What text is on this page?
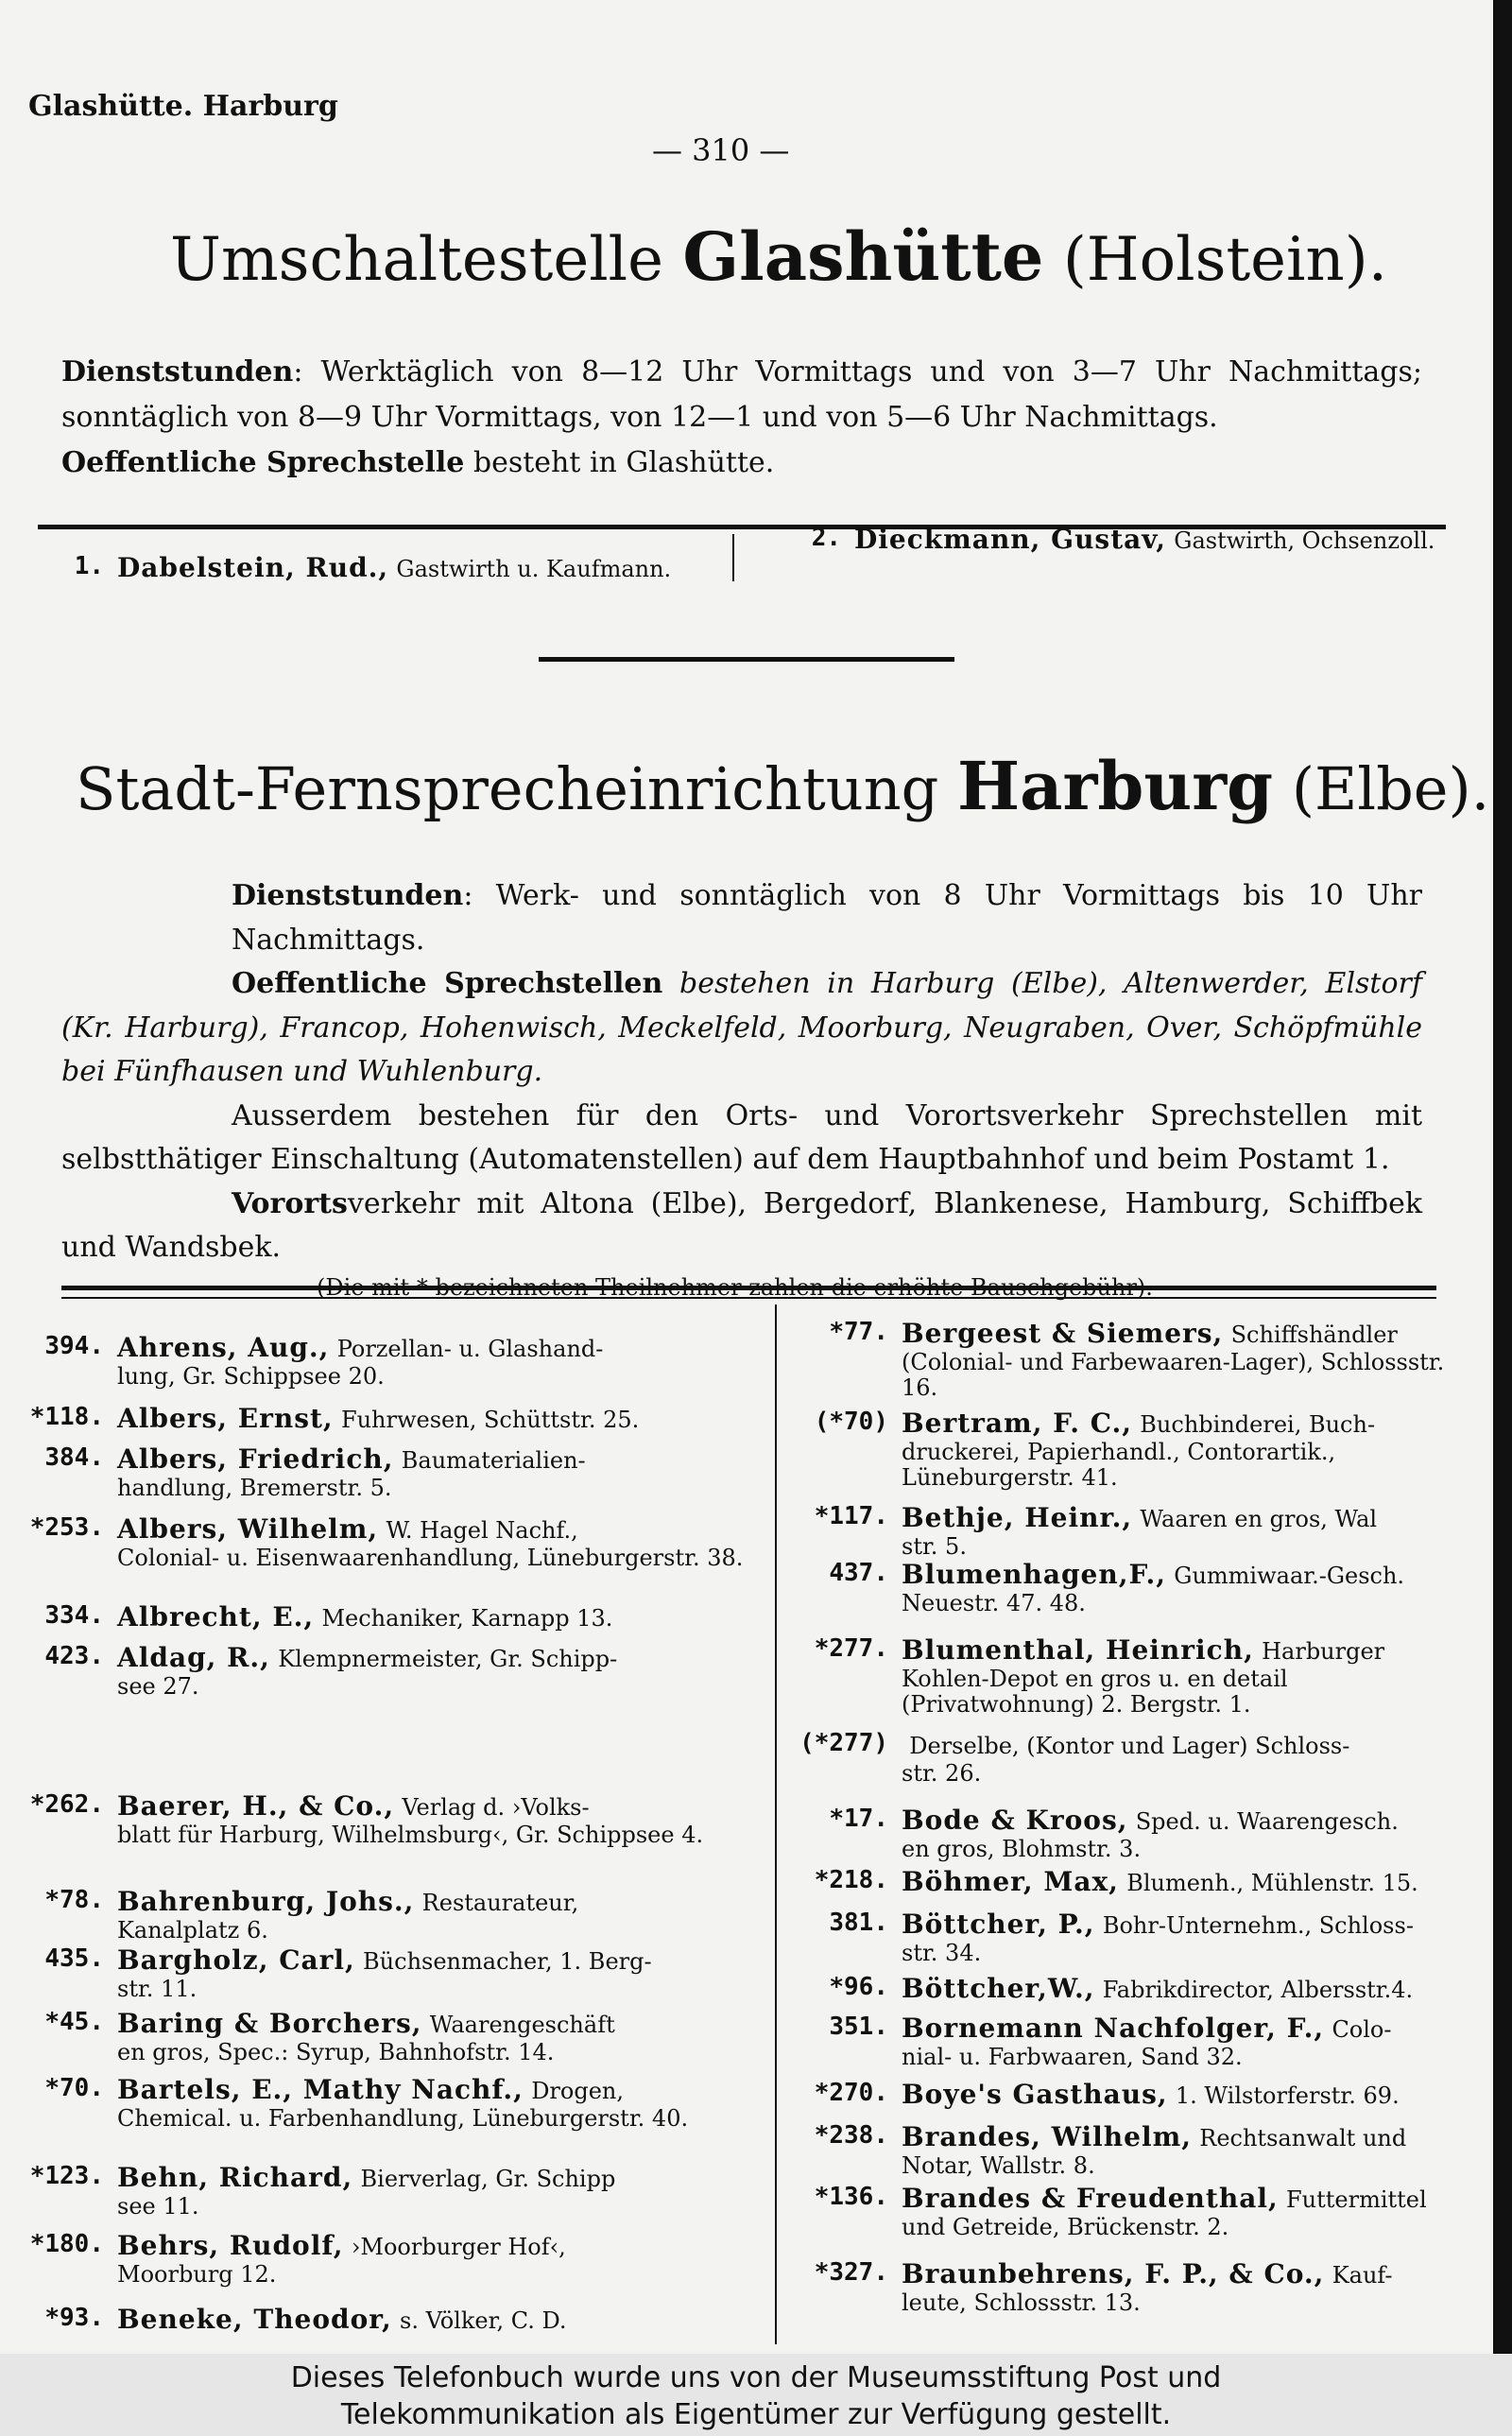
Glashütte. Harburg
— 310 —
Umschaltestelle Glashütte (Holstein).
Dienststunden: Werktäglich von 8—12 Uhr Vormittags und von 3—7 Uhr Nachmittags; sonntäglich von 8—9 Uhr Vormittags, von 12—1 und von 5—6 Uhr Nachmittags.
Oeffentliche Sprechstelle besteht in Glashütte.
1. Dabelstein, Rud., Gastwirth u. Kaufmann.
2. Dieckmann, Gustav, Gastwirth, Ochsenzoll.
Stadt-Fernsprecheinrichtung Harburg (Elbe).
Dienststunden: Werk- und sonntäglich von 8 Uhr Vormittags bis 10 Uhr Nachmittags.
Oeffentliche Sprechstellen bestehen in Harburg (Elbe), Altenwerder, Elstorf (Kr. Harburg), Francop, Hohenwisch, Meckelfeld, Moorburg, Neugraben, Over, Schöpfmühle bei Fünfhausen und Wuhlenburg.
Ausserdem bestehen für den Orts- und Vorortsverkehr Sprechstellen mit selbstthätiger Einschaltung (Automatenstellen) auf dem Hauptbahnhof und beim Postamt 1.
Vorortsverkehr mit Altona (Elbe), Bergedorf, Blankenese, Hamburg, Schiffbek und Wandsbek.
(Die mit * bezeichneten Theilnehmer zahlen die erhöhte Bauschgebühr).
394. Ahrens, Aug., Porzellan- u. Glashand-
lung, Gr. Schippsee 20.
*118. Albers, Ernst, Fuhrwesen, Schüttstr. 25.
384. Albers, Friedrich, Baumaterialien-
handlung, Bremerstr. 5.
*253. Albers, Wilhelm, W. Hagel Nachf.,
Colonial- u. Eisenwaarenhandlung, Lüneburgerstr. 38.
334. Albrecht, E., Mechaniker, Karnapp 13.
423. Aldag, R., Klempnermeister, Gr. Schipp-
see 27.
*262. Baerer, H., & Co., Verlag d. ›Volks-
blatt für Harburg, Wilhelmsburg‹, Gr. Schippsee 4.
*78. Bahrenburg, Johs., Restaurateur,
Kanalplatz 6.
435. Bargholz, Carl, Büchsenmacher, 1. Berg-
str. 11.
*45. Baring & Borchers, Waarengeschäft
en gros, Spec.: Syrup, Bahnhofstr. 14.
*70. Bartels, E., Mathy Nachf., Drogen,
Chemical. u. Farbenhandlung, Lüneburgerstr. 40.
*123. Behn, Richard, Bierverlag, Gr. Schipp
see 11.
*180. Behrs, Rudolf, ›Moorburger Hof‹,
Moorburg 12.
*93. Beneke, Theodor, s. Völker, C. D.
*77. Bergeest & Siemers, Schiffshändler
(Colonial- und Farbewaaren-Lager), Schlossstr. 16.
(*70) Bertram, F. C., Buchbinderei, Buch-
druckerei, Papierhandl., Contorartik., Lüneburgerstr. 41.
*117. Bethje, Heinr., Waaren en gros, Wal
str. 5.
437. Blumenhagen,F., Gummiwaar.-Gesch.
Neuestr. 47. 48.
*277. Blumenthal, Heinrich, Harburger
Kohlen-Depot en gros u. en detail (Privatwohnung) 2. Bergstr. 1.
(*277) Derselbe, (Kontor und Lager) Schloss-
str. 26.
*17. Bode & Kroos, Sped. u. Waarengesch.
en gros, Blohmstr. 3.
*218. Böhmer, Max, Blumenh., Mühlenstr. 15.
381. Böttcher, P., Bohr-Unternehm., Schloss-
str. 34.
*96. Böttcher,W., Fabrikdirector, Albersstr.4.
351. Bornemann Nachfolger, F., Colo-
nial- u. Farbwaaren, Sand 32.
*270. Boye's Gasthaus, 1. Wilstorferstr. 69.
*238. Brandes, Wilhelm, Rechtsanwalt und
Notar, Wallstr. 8.
*136. Brandes & Freudenthal, Futtermittel
und Getreide, Brückenstr. 2.
*327. Braunbehrens, F. P., & Co., Kauf-
leute, Schlossstr. 13.
Dieses Telefonbuch wurde uns von der Museumsstiftung Post und
Telekommunikation als Eigentümer zur Verfügung gestellt.
